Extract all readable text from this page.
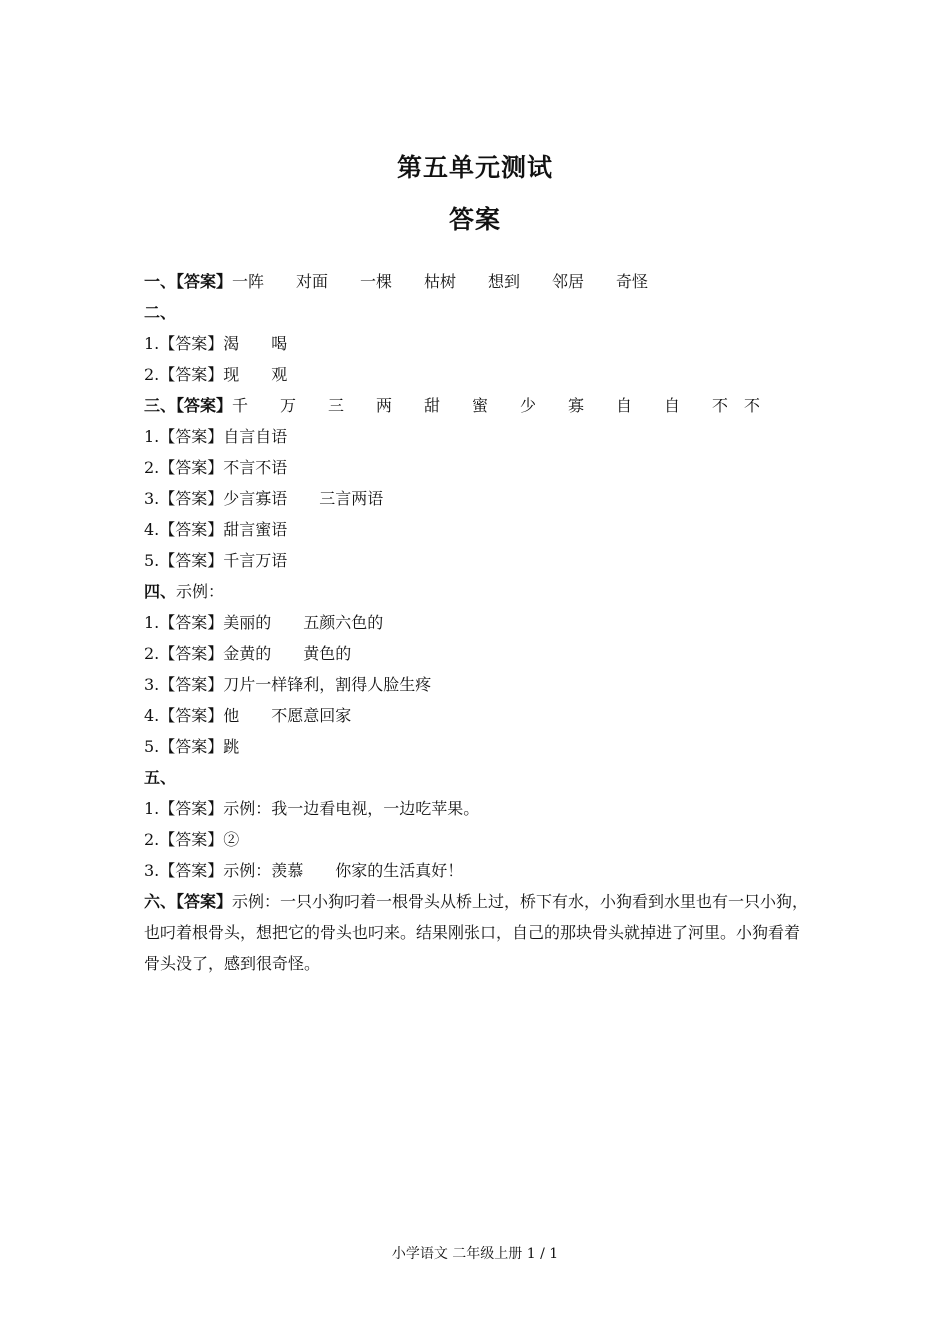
第五单元测试
答案
一、【答案】一阵　　对面　　一棵　　枯树　　想到　　邻居　　奇怪
二、
1.【答案】渴　　喝
2.【答案】现　　观
三、【答案】千　　万　　三　　两　　甜　　蜜　　少　　寡　　自　　自　　不　不
1.【答案】自言自语
2.【答案】不言不语
3.【答案】少言寡语　　三言两语
4.【答案】甜言蜜语
5.【答案】千言万语
四、示例：
1.【答案】美丽的　　五颜六色的
2.【答案】金黄的　　黄色的
3.【答案】刀片一样锋利，割得人脸生疼
4.【答案】他　　不愿意回家
5.【答案】跳
五、
1.【答案】示例：我一边看电视，一边吃苹果。
2.【答案】②
3.【答案】示例：羡慕　　你家的生活真好！
六、【答案】示例：一只小狗叼着一根骨头从桥上过，桥下有水，小狗看到水里也有一只小狗，也叼着根骨头，想把它的骨头也叼来。结果刚张口，自己的那块骨头就掉进了河里。小狗看着骨头没了，感到很奇怪。
小学语文 二年级上册 1 / 1
